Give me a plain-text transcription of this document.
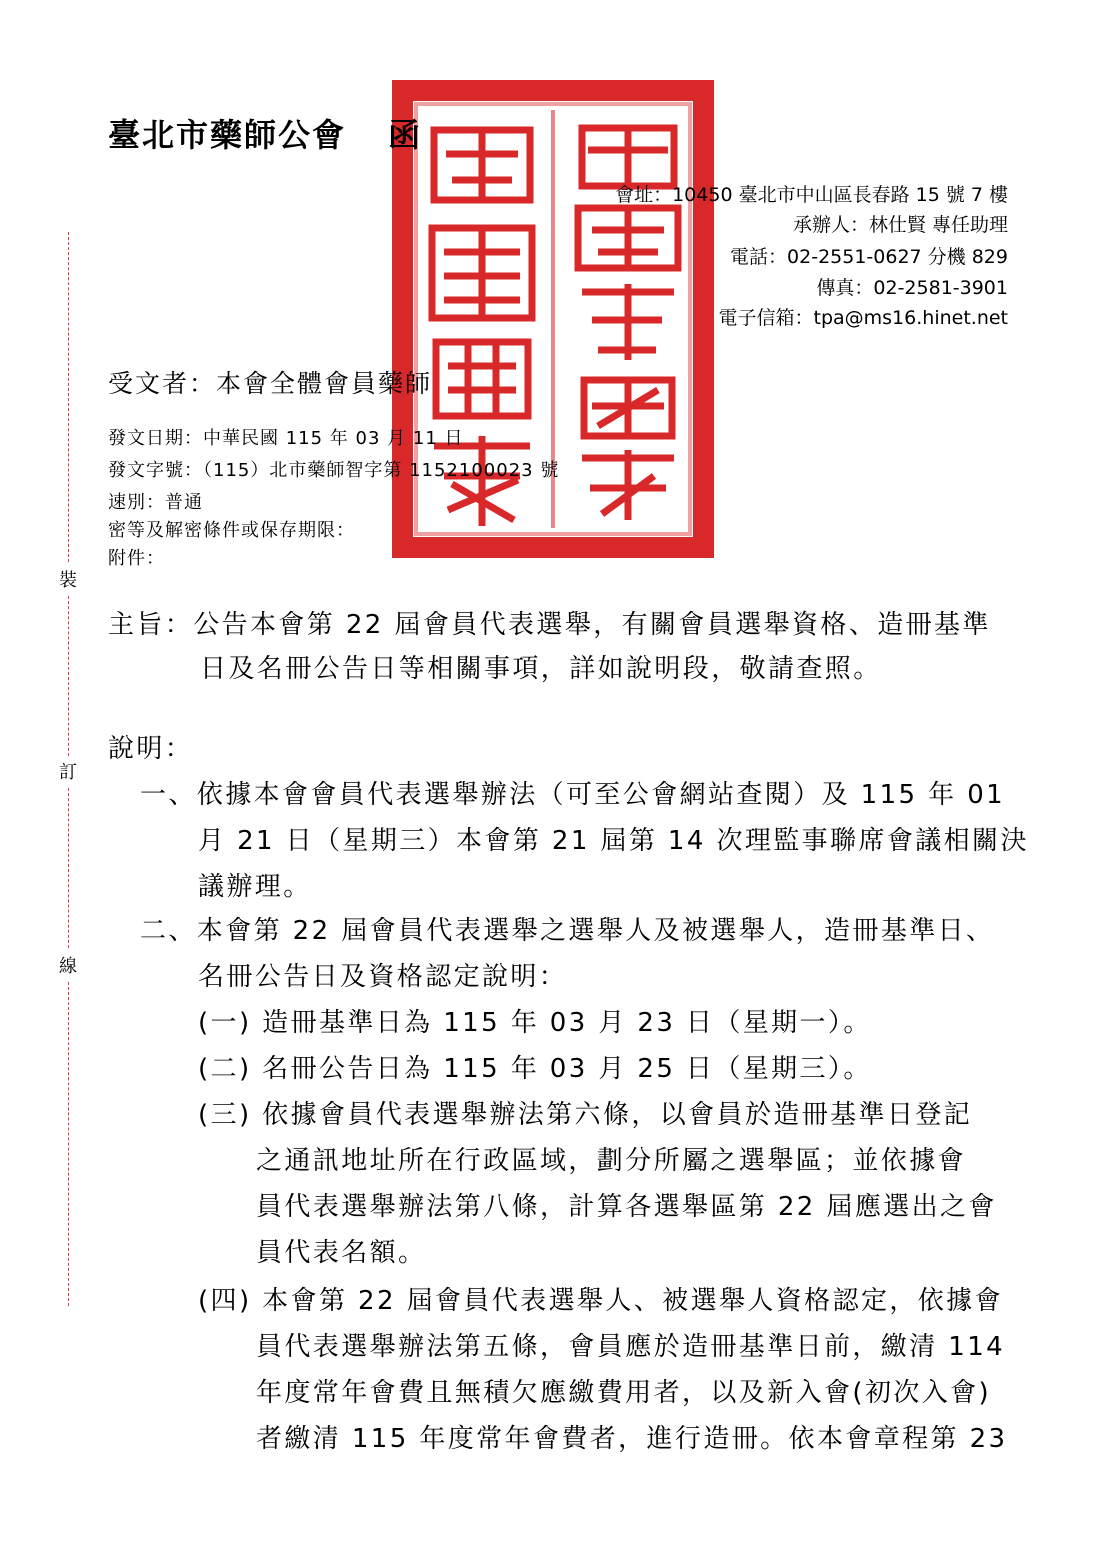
裝
訂
線
臺北市藥師公會 函
會址：10450 臺北市中山區長春路 15 號 7 樓
承辦人：林仕賢 專任助理
電話：02-2551-0627 分機 829
傳真：02-2581-3901
電子信箱：tpa@ms16.hinet.net
受文者：本會全體會員藥師
發文日期：中華民國 115 年 03 月 11 日
發文字號：（115）北市藥師智字第 1152100023 號
速別：普通
密等及解密條件或保存期限：
附件：
主旨：公告本會第 22 屆會員代表選舉，有關會員選舉資格、造冊基準
日及名冊公告日等相關事項，詳如說明段，敬請查照。
說明：
一、依據本會會員代表選舉辦法（可至公會網站查閱）及 115 年 01
月 21 日（星期三）本會第 21 屆第 14 次理監事聯席會議相關決
議辦理。
二、本會第 22 屆會員代表選舉之選舉人及被選舉人，造冊基準日、
名冊公告日及資格認定說明：
(一) 造冊基準日為 115 年 03 月 23 日（星期一）。
(二) 名冊公告日為 115 年 03 月 25 日（星期三）。
(三) 依據會員代表選舉辦法第六條，以會員於造冊基準日登記
之通訊地址所在行政區域，劃分所屬之選舉區；並依據會
員代表選舉辦法第八條，計算各選舉區第 22 屆應選出之會
員代表名額。
(四) 本會第 22 屆會員代表選舉人、被選舉人資格認定，依據會
員代表選舉辦法第五條，會員應於造冊基準日前，繳清 114
年度常年會費且無積欠應繳費用者，以及新入會(初次入會)
者繳清 115 年度常年會費者，進行造冊。依本會章程第 23
